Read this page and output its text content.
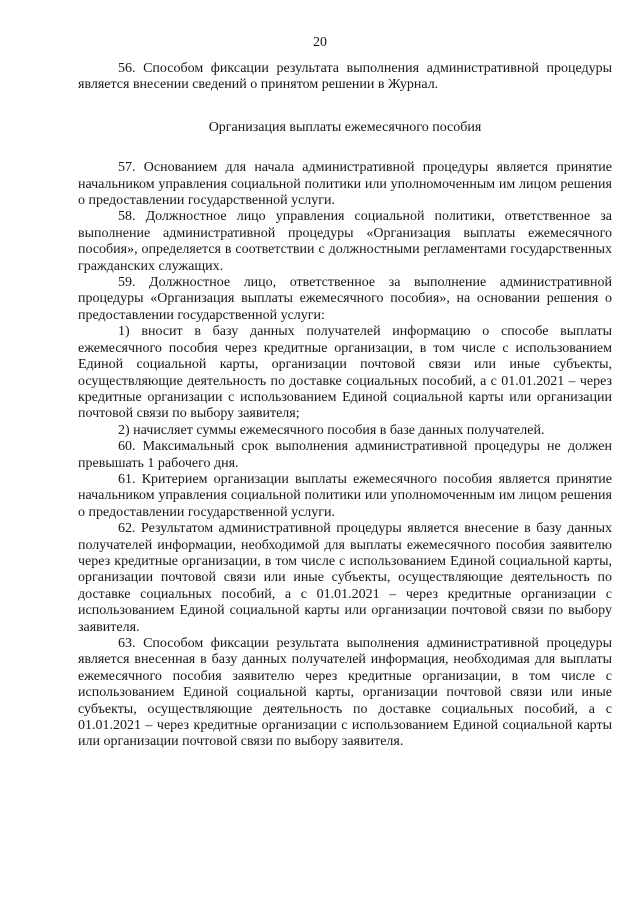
20

56. Способом фиксации результата выполнения административной процедуры является внесении сведений о принятом решении в Журнал.

Организация выплаты ежемесячного пособия

57. Основанием для начала административной процедуры является принятие начальником управления социальной политики или уполномоченным им лицом решения о предоставлении государственной услуги.

58. Должностное лицо управления социальной политики, ответственное за выполнение административной процедуры «Организация выплаты ежемесячного пособия», определяется в соответствии с должностными регламентами государственных гражданских служащих.

59. Должностное лицо, ответственное за выполнение административной процедуры «Организация выплаты ежемесячного пособия», на основании решения о предоставлении государственной услуги:

1) вносит в базу данных получателей информацию о способе выплаты ежемесячного пособия через кредитные организации, в том числе с использованием Единой социальной карты, организации почтовой связи или иные субъекты, осуществляющие деятельность по доставке социальных пособий, а с 01.01.2021 – через кредитные организации с использованием Единой социальной карты или организации почтовой связи по выбору заявителя;

2) начисляет суммы ежемесячного пособия в базе данных получателей.

60. Максимальный срок выполнения административной процедуры не должен превышать 1 рабочего дня.

61. Критерием организации выплаты ежемесячного пособия является принятие начальником управления социальной политики или уполномоченным им лицом решения о предоставлении государственной услуги.

62. Результатом административной процедуры является внесение в базу данных получателей информации, необходимой для выплаты ежемесячного пособия заявителю через кредитные организации, в том числе с использованием Единой социальной карты, организации почтовой связи или иные субъекты, осуществляющие деятельность по доставке социальных пособий, а с 01.01.2021 – через кредитные организации с использованием Единой социальной карты или организации почтовой связи по выбору заявителя.

63. Способом фиксации результата выполнения административной процедуры является внесенная в базу данных получателей информация, необходимая для выплаты ежемесячного пособия заявителю через кредитные организации, в том числе с использованием Единой социальной карты, организации почтовой связи или иные субъекты, осуществляющие деятельность по доставке социальных пособий, а с 01.01.2021 – через кредитные организации с использованием Единой социальной карты или организации почтовой связи по выбору заявителя.
